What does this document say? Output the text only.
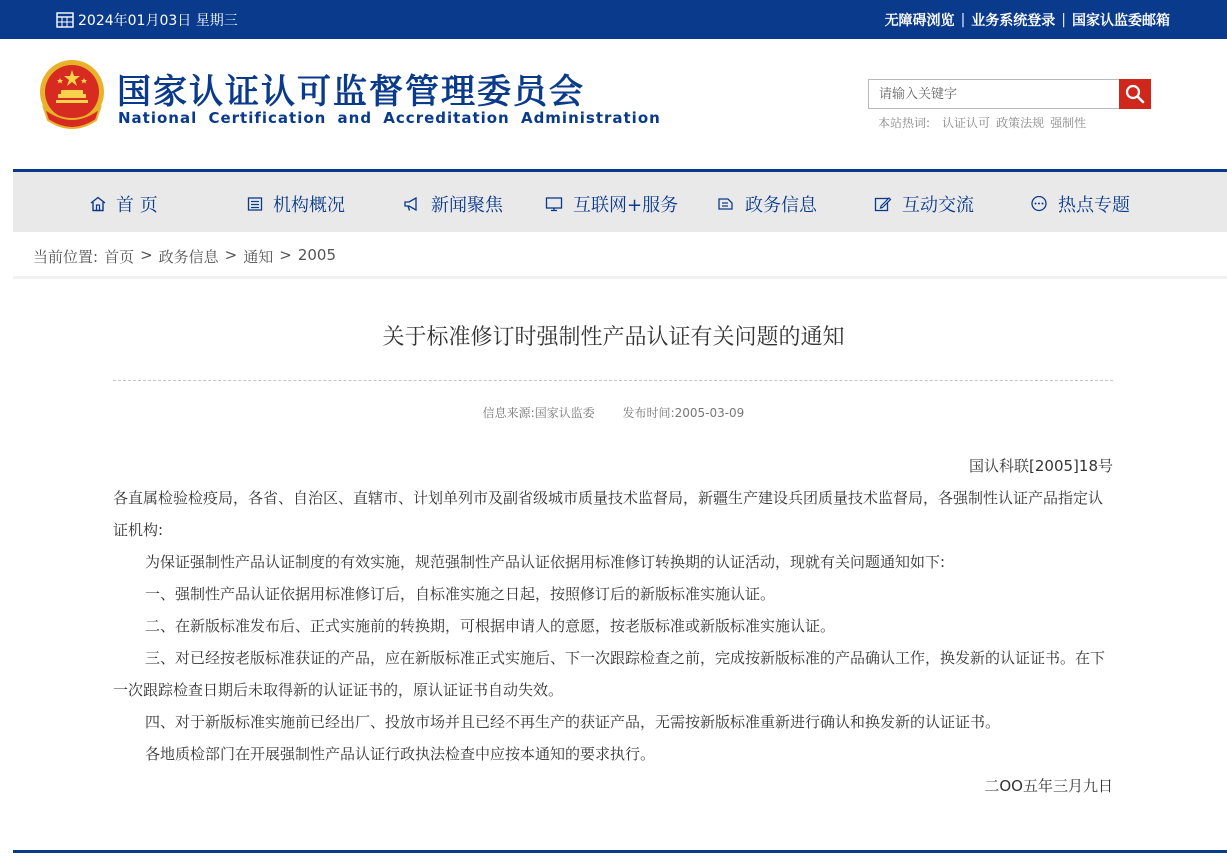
2024年01月03日 星期三	无障碍浏览 | 业务系统登录 | 国家认监委邮箱
国家认证认可监督管理委员会
National Certification and Accreditation Administration
请输入关键字	本站热词: 认证认可 政策法规 强制性
首 页	机构概况	新闻聚焦	互联网+服务	政务信息	互动交流	热点专题
当前位置: 首页 > 政务信息 > 通知 > 2005
关于标准修订时强制性产品认证有关问题的通知
信息来源:国家认监委 发布时间:2005-03-09

国认科联[2005]18号

各直属检验检疫局，各省、自治区、直辖市、计划单列市及副省级城市质量技术监督局，新疆生产建设兵团质量技术监督局，各强制性认证产品指定认证机构:

为保证强制性产品认证制度的有效实施，规范强制性产品认证依据用标准修订转换期的认证活动，现就有关问题通知如下:

一、强制性产品认证依据用标准修订后，自标准实施之日起，按照修订后的新版标准实施认证。

二、在新版标准发布后、正式实施前的转换期，可根据申请人的意愿，按老版标准或新版标准实施认证。

三、对已经按老版标准获证的产品，应在新版标准正式实施后、下一次跟踪检查之前，完成按新版标准的产品确认工作，换发新的认证证书。在下一次跟踪检查日期后未取得新的认证证书的，原认证证书自动失效。

四、对于新版标准实施前已经出厂、投放市场并且已经不再生产的获证产品，无需按新版标准重新进行确认和换发新的认证证书。

各地质检部门在开展强制性产品认证行政执法检查中应按本通知的要求执行。

二OO五年三月九日
